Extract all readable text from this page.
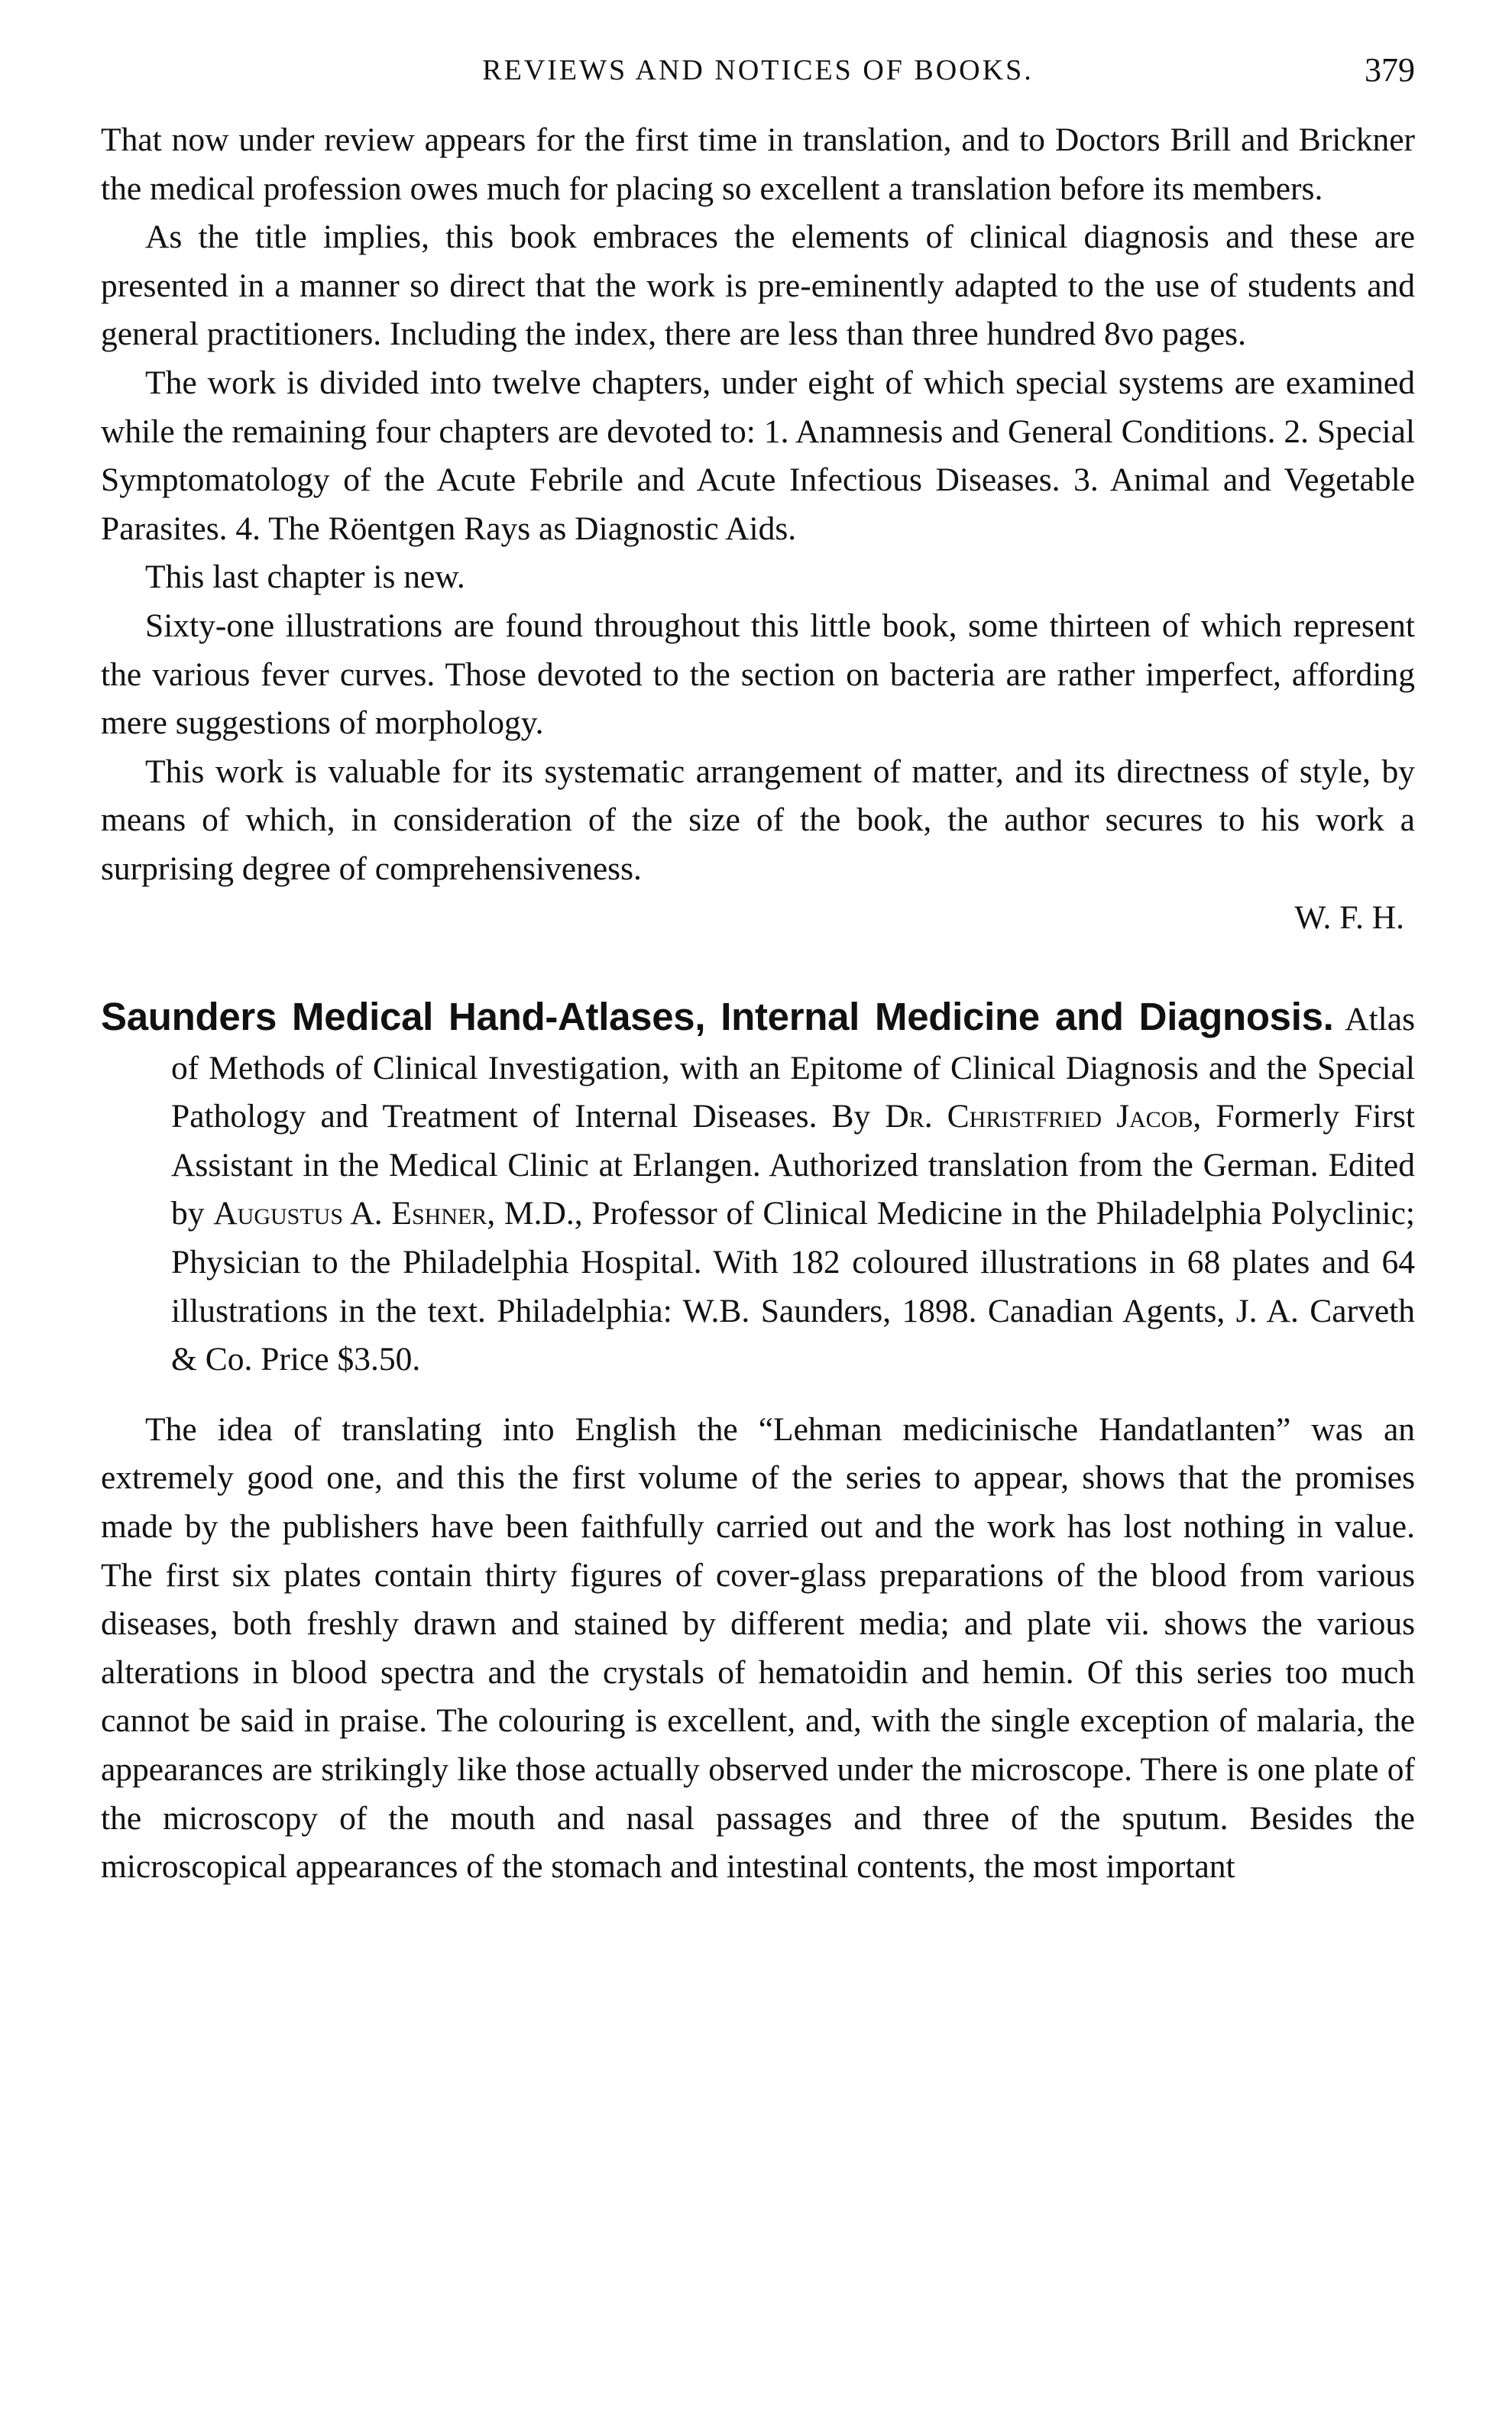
REVIEWS AND NOTICES OF BOOKS.	379

That now under review appears for the first time in translation, and to Doctors Brill and Brickner the medical profession owes much for placing so excellent a translation before its members.

As the title implies, this book embraces the elements of clinical diagnosis and these are presented in a manner so direct that the work is pre-eminently adapted to the use of students and general practitioners. Including the index, there are less than three hundred 8vo pages.

The work is divided into twelve chapters, under eight of which special systems are examined while the remaining four chapters are devoted to: 1. Anamnesis and General Conditions. 2. Special Symptomatology of the Acute Febrile and Acute Infectious Diseases. 3. Animal and Vegetable Parasites. 4. The Röentgen Rays as Diagnostic Aids.

This last chapter is new.

Sixty-one illustrations are found throughout this little book, some thirteen of which represent the various fever curves. Those devoted to the section on bacteria are rather imperfect, affording mere suggestions of morphology.

This work is valuable for its systematic arrangement of matter, and its directness of style, by means of which, in consideration of the size of the book, the author secures to his work a surprising degree of comprehensiveness.

W. F. H.
Saunders Medical Hand-Atlases, Internal Medicine and Diagnosis. Atlas of Methods of Clinical Investigation, with an Epitome of Clinical Diagnosis and the Special Pathology and Treatment of Internal Diseases. By Dr. Christfried Jacob, Formerly First Assistant in the Medical Clinic at Erlangen. Authorized translation from the German. Edited by Augustus A. Eshner, M.D., Professor of Clinical Medicine in the Philadelphia Polyclinic; Physician to the Philadelphia Hospital. With 182 coloured illustrations in 68 plates and 64 illustrations in the text. Philadelphia: W.B. Saunders, 1898. Canadian Agents, J. A. Carveth & Co. Price $3.50.

The idea of translating into English the “Lehman medicinische Handatlanten” was an extremely good one, and this the first volume of the series to appear, shows that the promises made by the publishers have been faithfully carried out and the work has lost nothing in value. The first six plates contain thirty figures of cover-glass preparations of the blood from various diseases, both freshly drawn and stained by different media; and plate vii. shows the various alterations in blood spectra and the crystals of hematoidin and hemin. Of this series too much cannot be said in praise. The colouring is excellent, and, with the single exception of malaria, the appearances are strikingly like those actually observed under the microscope. There is one plate of the microscopy of the mouth and nasal passages and three of the sputum. Besides the microscopical appearances of the stomach and intestinal contents, the most important
